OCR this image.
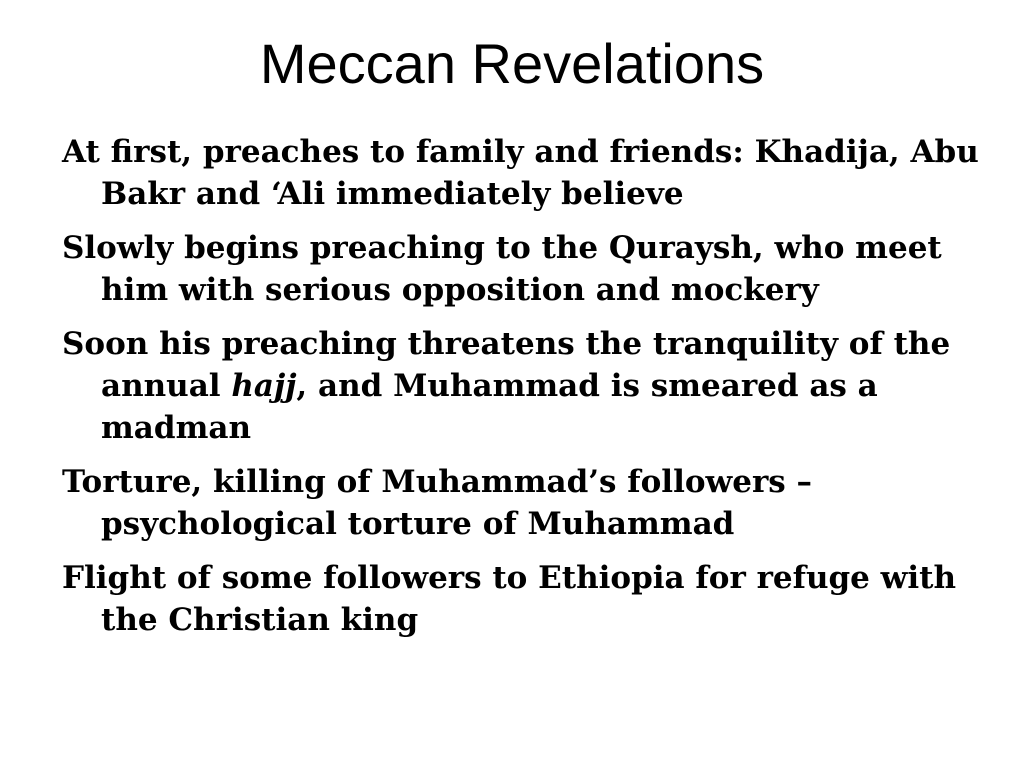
Meccan Revelations
At first, preaches to family and friends: Khadija, Abu Bakr and ‘Ali immediately believe
Slowly begins preaching to the Quraysh, who meet him with serious opposition and mockery
Soon his preaching threatens the tranquility of the annual hajj, and Muhammad is smeared as a madman
Torture, killing of Muhammad’s followers – psychological torture of Muhammad
Flight of some followers to Ethiopia for refuge with the Christian king
